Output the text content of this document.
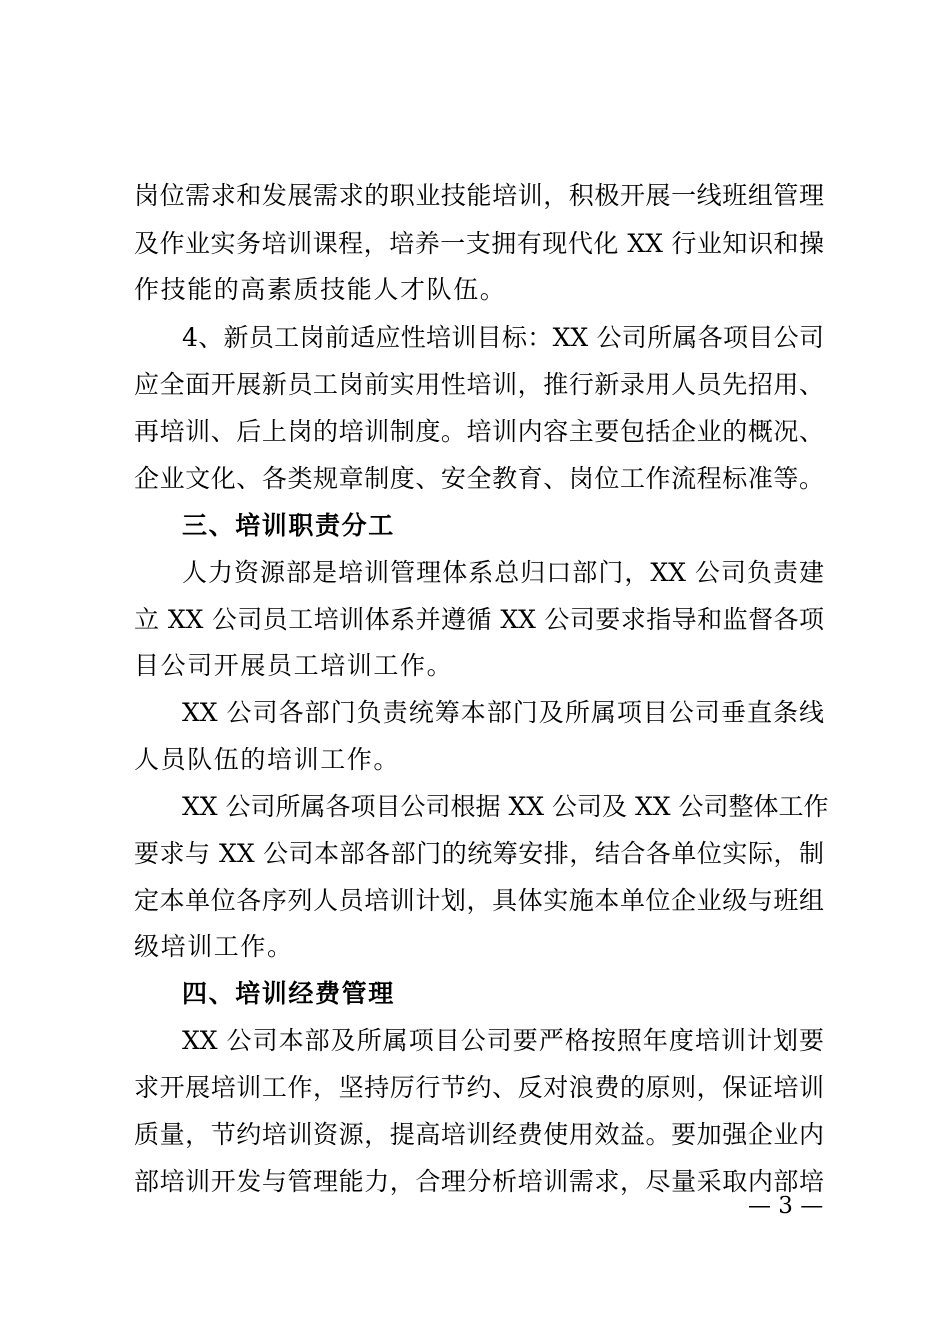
岗位需求和发展需求的职业技能培训，积极开展一线班组管理
及作业实务培训课程，培养一支拥有现代化 XX 行业知识和操
作技能的高素质技能人才队伍。
4、新员工岗前适应性培训目标：XX 公司所属各项目公司
应全面开展新员工岗前实用性培训，推行新录用人员先招用、
再培训、后上岗的培训制度。培训内容主要包括企业的概况、
企业文化、各类规章制度、安全教育、岗位工作流程标准等。
三、培训职责分工
人力资源部是培训管理体系总归口部门，XX 公司负责建
立 XX 公司员工培训体系并遵循 XX 公司要求指导和监督各项
目公司开展员工培训工作。
XX 公司各部门负责统筹本部门及所属项目公司垂直条线
人员队伍的培训工作。
XX 公司所属各项目公司根据 XX 公司及 XX 公司整体工作
要求与 XX 公司本部各部门的统筹安排，结合各单位实际，制
定本单位各序列人员培训计划，具体实施本单位企业级与班组
级培训工作。
四、培训经费管理
XX 公司本部及所属项目公司要严格按照年度培训计划要
求开展培训工作，坚持厉行节约、反对浪费的原则，保证培训
质量，节约培训资源，提高培训经费使用效益。要加强企业内
部培训开发与管理能力，合理分析培训需求，尽量采取内部培
— 3 —
